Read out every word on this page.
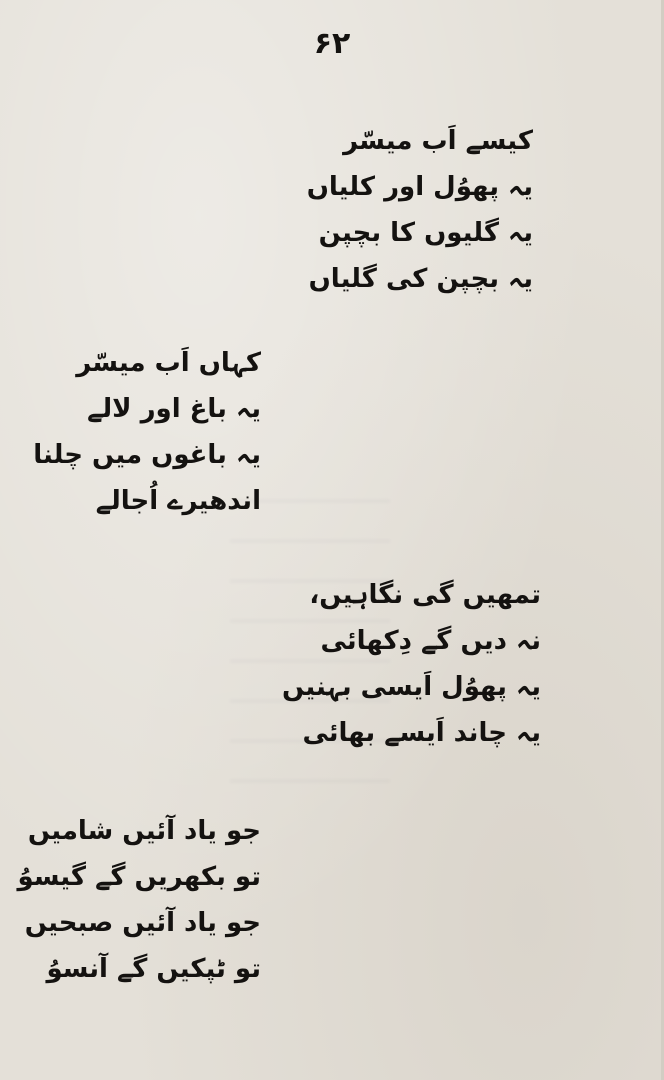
۶۲
کیسے اَب میسّر
یہ پھوُل اور کلیاں
یہ گلیوں کا بچپن
یہ بچپن کی گلیاں
کہاں اَب میسّر
یہ باغ اور لالے
یہ باغوں میں چلنا
اندھیرے اُجالے
تمھیں گی نگاہیں،
نہ دیں گے دِکھائی
یہ پھوُل اَیسی بہنیں
یہ چاند اَیسے بھائی
جو یاد آئیں شامیں
تو بکھریں گے گیسوُ
جو یاد آئیں صبحیں
تو ٹپکیں گے آنسوُ
